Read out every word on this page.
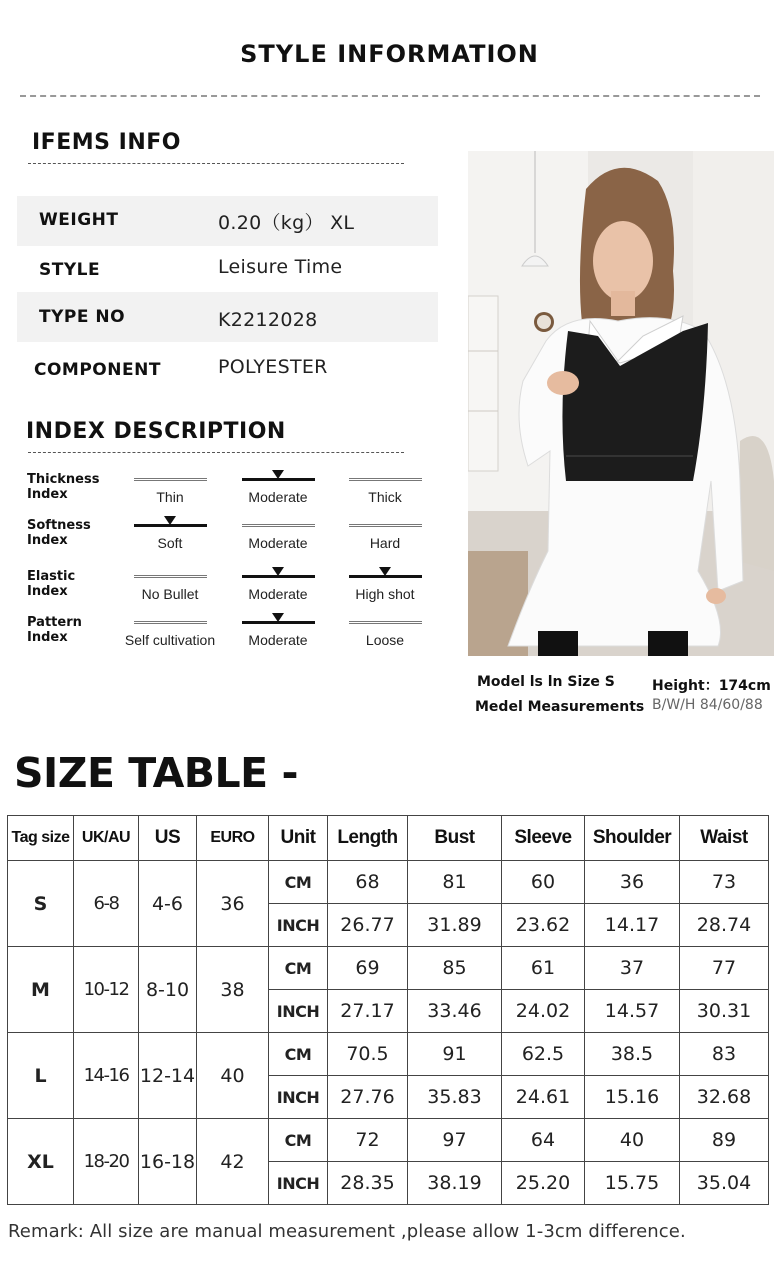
STYLE INFORMATION
IFEMS INFO
WEIGHT	0.20（kg） XL
STYLE	Leisure Time
TYPE NO	K2212028
COMPONENT	POLYESTER
INDEX DESCRIPTION
Thickness
Index	Thin	Moderate	Thick
Softness
Index	Soft	Moderate	Hard
Elastic
Index	No Bullet	Moderate	High shot
Pattern
Index	Self cultivation	Moderate	Loose
Model ls ln Size S
Medel Measurements
Height：174cm
B/W/H 84/60/88
SIZE TABLE -
Tag size	UK/AU	US	EURO	Unit	Length	Bust	Sleeve	Shoulder	Waist
S	6-8	4-6	36	CM	68	81	60	36	73
				INCH	26.77	31.89	23.62	14.17	28.74
M	10-12	8-10	38	CM	69	85	61	37	77
				INCH	27.17	33.46	24.02	14.57	30.31
L	14-16	12-14	40	CM	70.5	91	62.5	38.5	83
				INCH	27.76	35.83	24.61	15.16	32.68
XL	18-20	16-18	42	CM	72	97	64	40	89
				INCH	28.35	38.19	25.20	15.75	35.04
Remark: All size are manual measurement ,please allow 1-3cm difference.
